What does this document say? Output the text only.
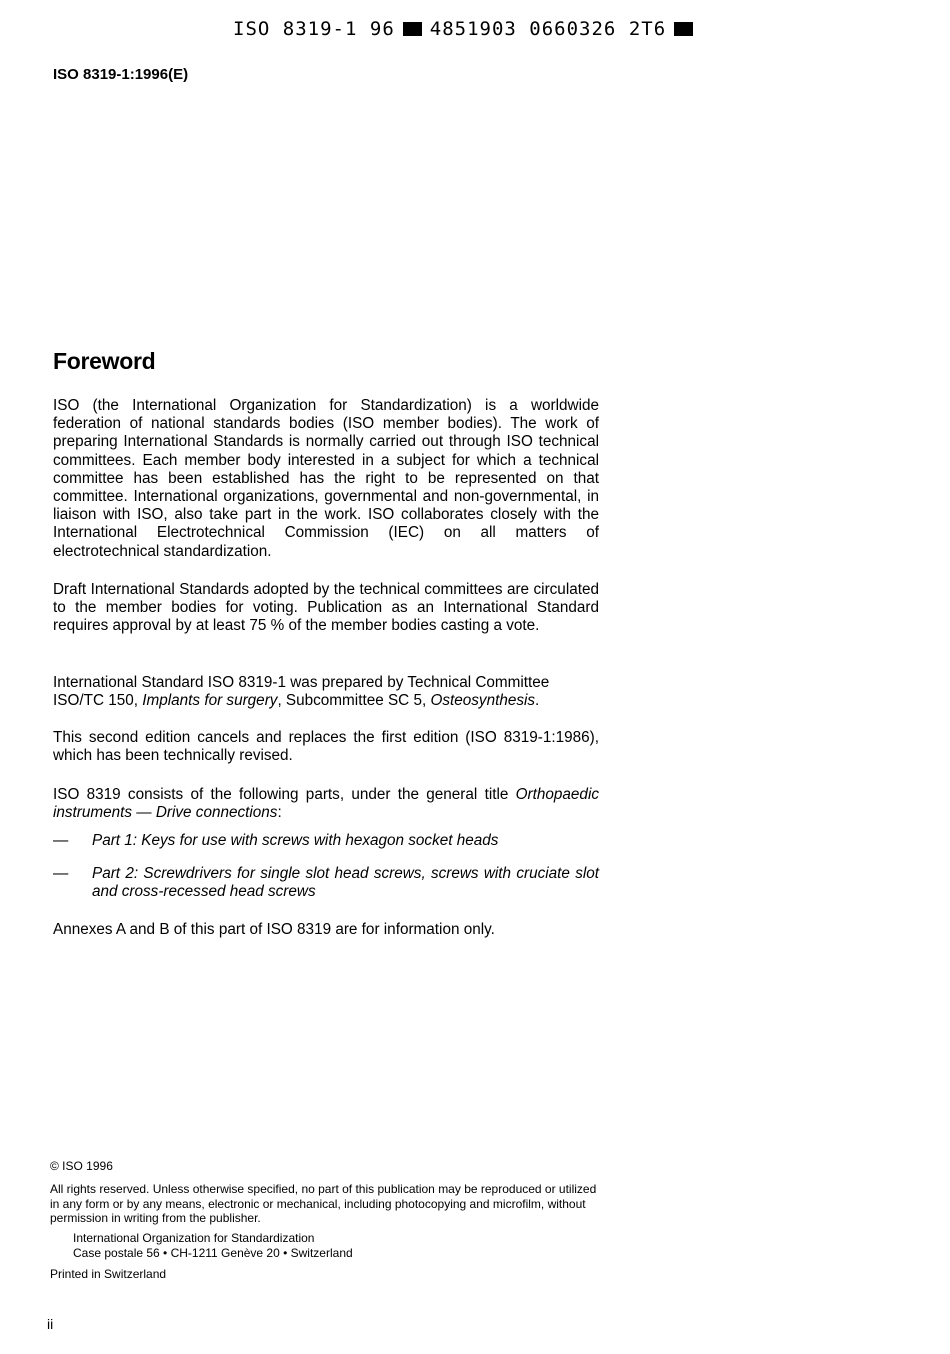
ISO
8319-1
96 4851903
0660326
2T6
ISO 8319-1:1996(E)
Foreword
ISO (the International Organization for Standardization) is a worldwide federation of national standards bodies (ISO member bodies). The work of preparing International Standards is normally carried out through ISO technical committees. Each member body interested in a subject for which a technical committee has been established has the right to be represented on that committee. International organizations, governmental and non-governmental, in liaison with ISO, also take part in the work. ISO collaborates closely with the International Electrotechnical Commission (IEC) on all matters of electrotechnical standardization.
Draft International Standards adopted by the technical committees are circulated to the member bodies for voting. Publication as an International Standard requires approval by at least 75 % of the member bodies casting a vote.
International Standard ISO 8319-1 was prepared by Technical Committee ISO/TC 150, Implants for surgery, Subcommittee SC 5, Osteosynthesis.
This second edition cancels and replaces the first edition (ISO 8319-1:1986), which has been technically revised.
ISO 8319 consists of the following parts, under the general title Orthopaedic instruments — Drive connections:
—	Part 1: Keys for use with screws with hexagon socket heads
—	Part 2: Screwdrivers for single slot head screws, screws with cruciate slot and cross-recessed head screws
Annexes A and B of this part of ISO 8319 are for information only.
© ISO 1996
All rights reserved. Unless otherwise specified, no part of this publication may be reproduced or utilized in any form or by any means, electronic or mechanical, including photocopying and microfilm, without permission in writing from the publisher.
International Organization for Standardization
Case postale 56 • CH-1211 Genève 20 • Switzerland
Printed in Switzerland
ii
